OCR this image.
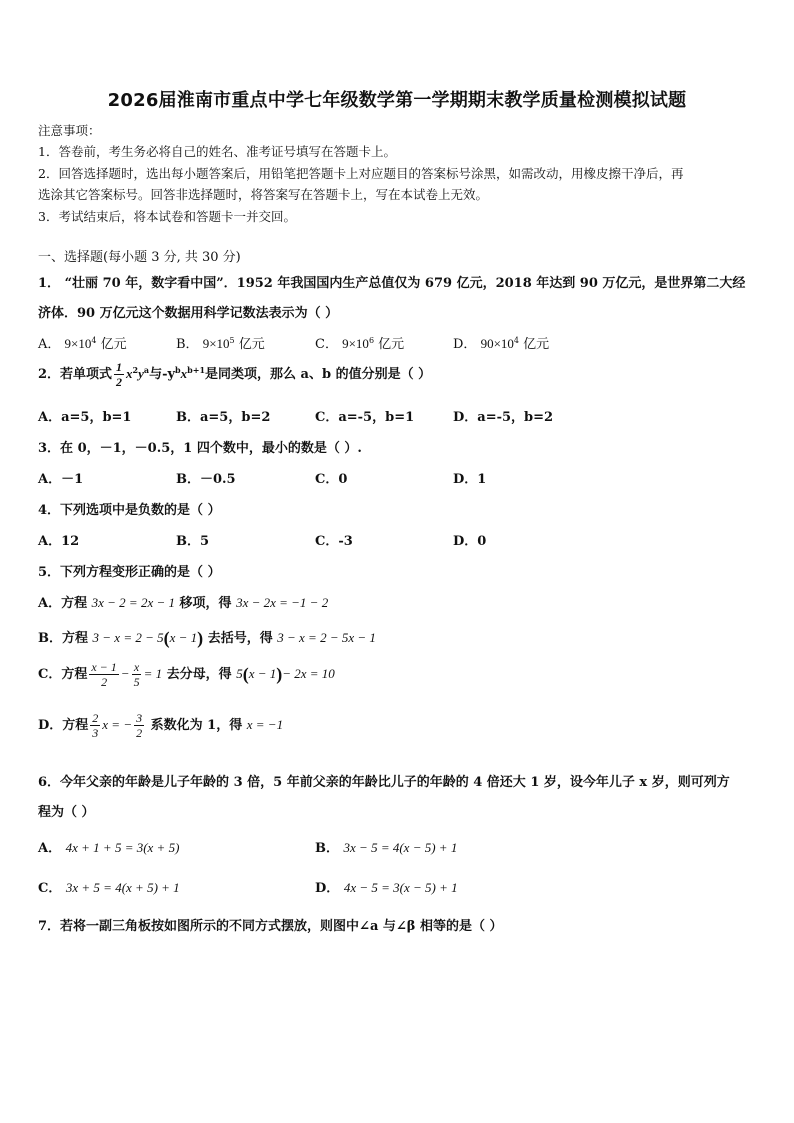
2026届淮南市重点中学七年级数学第一学期期末教学质量检测模拟试题
注意事项：
1．答卷前，考生务必将自己的姓名、准考证号填写在答题卡上。
2．回答选择题时，选出每小题答案后，用铅笔把答题卡上对应题目的答案标号涂黑，如需改动，用橡皮擦干净后，再
选涂其它答案标号。回答非选择题时，将答案写在答题卡上，写在本试卷上无效。
3．考试结束后，将本试卷和答题卡一并交回。
一、选择题(每小题 3 分, 共 30 分)
1． “壮丽 70 年，数字看中国”．1952 年我国国内生产总值仅为 679 亿元，2018 年达到 90 万亿元，是世界第二大经
济体．90 万亿元这个数据用科学记数法表示为（ ）
A． $9\times 10^4$ 亿元	B． $9\times 10^5$ 亿元	C． $9\times 10^6$ 亿元	D． $90\times 10^4$ 亿元
2．若单项式 $\frac{1}{2} x^2y^a$与$-y^bx^{b+1}$是同类项，那么 a、b 的值分别是（ ）
A．a=5，b=1	B．a=5，b=2	C．a=-5，b=1	D．a=-5，b=2
3．在 0，－1，－0.5，1 四个数中，最小的数是（ ）.
A．－1	B．－0.5	C．0	D．1
4．下列选项中是负数的是（ ）
A．12	B．5	C．-3	D．0
5．下列方程变形正确的是（ ）
A．方程 3x − 2 = 2x − 1 移项，得 3x − 2x = −1 − 2
B．方程 3 − x = 2 − 5(x − 1) 去括号，得 3 − x = 2 − 5x − 1
C．方程 $\frac{x - 1}{2} - \frac{x}{5} = 1$ 去分母，得 5(x − 1)− 2x = 10
D．方程 $\frac{2}{3}$ x = − $\frac{3}{2}$ 系数化为 1，得 x = −1
6．今年父亲的年龄是儿子年龄的 3 倍，5 年前父亲的年龄比儿子的年龄的 4 倍还大 1 岁，设今年儿子 x 岁，则可列方
程为（ ）
A． 4x + 1 + 5 = 3(x + 5)	B． 3x − 5 = 4(x − 5) + 1
C． 3x + 5 = 4(x + 5) + 1	D． 4x − 5 = 3(x − 5) + 1
7．若将一副三角板按如图所示的不同方式摆放，则图中∠a 与∠β 相等的是（ ）
